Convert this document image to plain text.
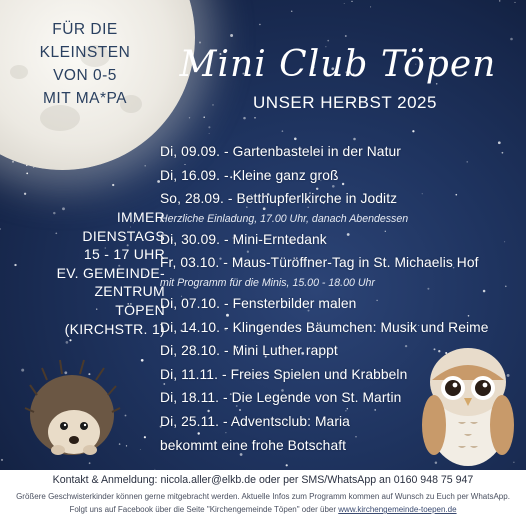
FÜR DIE
KLEINSTEN
VON 0-5
MIT MA*PA
Mini Club Töpen
UNSER HERBST 2025
IMMER
DIENSTAGS
15 - 17 UHR
EV. GEMEINDE-
ZENTRUM
TÖPEN
(KIRCHSTR. 1)
Di, 09.09. - Gartenbastelei in der Natur
Di, 16.09. - Kleine ganz groß
So, 28.09. - Betthupferlkirche in Joditz
Herzliche Einladung, 17.00 Uhr, danach Abendessen
Di, 30.09. - Mini-Erntedank
Fr, 03.10. - Maus-Türöffner-Tag in St. Michaelis Hof
mit Programm für die Minis, 15.00 - 18.00 Uhr
Di, 07.10. - Fensterbilder malen
Di, 14.10. - Klingendes Bäumchen: Musik und Reime
Di, 28.10. - Mini Luther rappt
Di, 11.11. - Freies Spielen und Krabbeln
Di, 18.11. - Die Legende von St. Martin
Di, 25.11. - Adventsclub: Maria
bekommt eine frohe Botschaft
Kontakt & Anmeldung: nicola.aller@elkb.de oder per SMS/WhatsApp an 0160 948 75 947
Größere Geschwisterkinder können gerne mitgebracht werden. Aktuelle Infos zum Programm kommen auf Wunsch zu Euch per WhatsApp.
Folgt uns auf Facebook über die Seite "Kirchengemeinde Töpen" oder über www.kirchengemeinde-toepen.de
